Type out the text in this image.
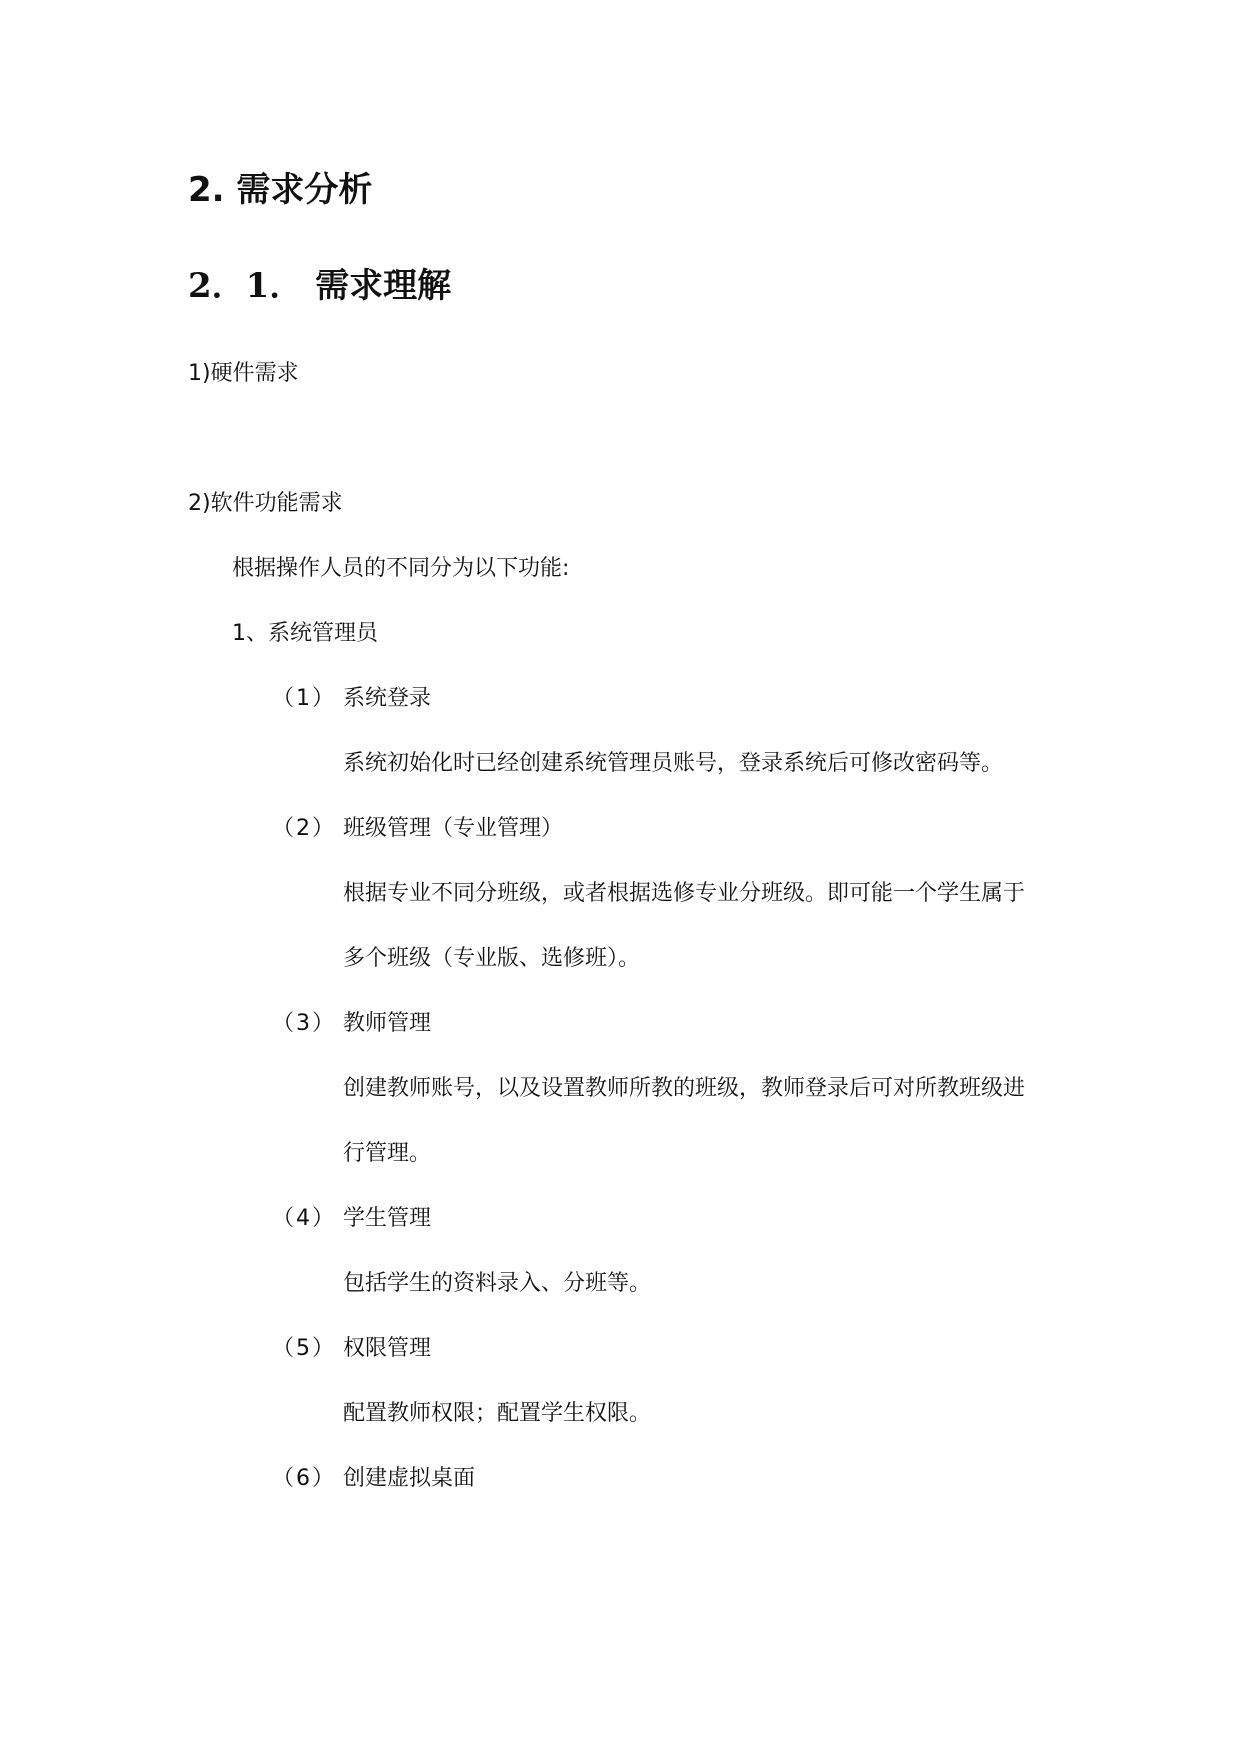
2. 需求分析
2．1． 需求理解
1)硬件需求
2)软件功能需求
根据操作人员的不同分为以下功能:
1、系统管理员
（1） 系统登录
系统初始化时已经创建系统管理员账号，登录系统后可修改密码等。
（2） 班级管理（专业管理）
根据专业不同分班级，或者根据选修专业分班级。即可能一个学生属于
多个班级（专业版、选修班）。
（3） 教师管理
创建教师账号，以及设置教师所教的班级，教师登录后可对所教班级进
行管理。
（4） 学生管理
包括学生的资料录入、分班等。
（5） 权限管理
配置教师权限；配置学生权限。
（6） 创建虚拟桌面
